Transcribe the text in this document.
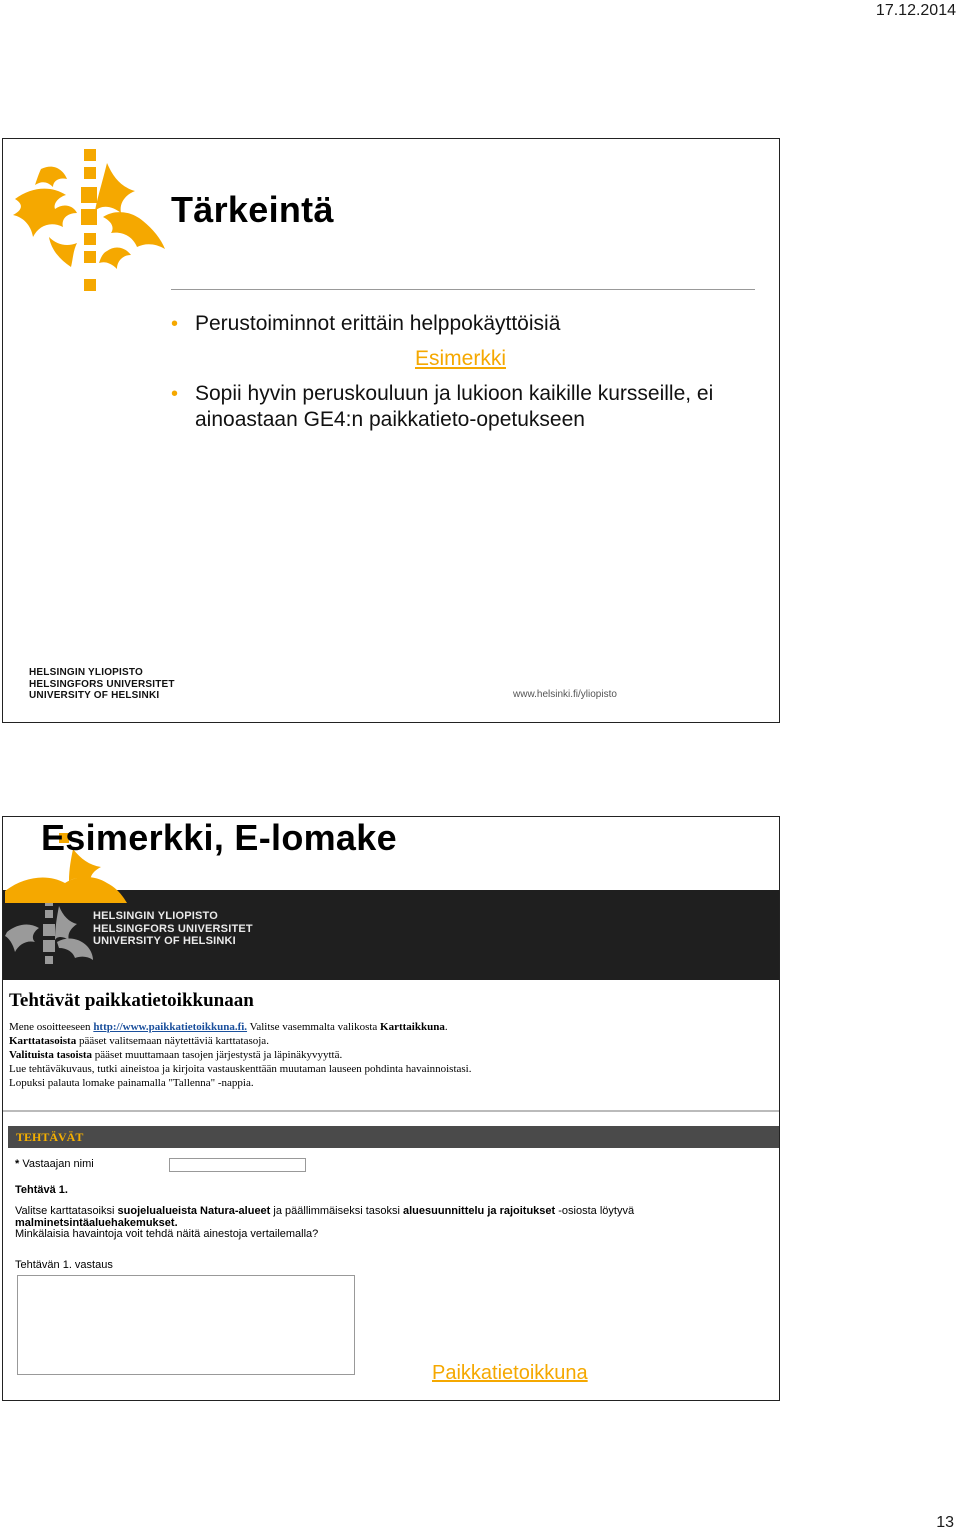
17.12.2014
Tärkeintä
• Perustoiminnot erittäin helppokäyttöisiä
Esimerkki
• Sopii hyvin peruskouluun ja lukioon kaikille kursseille, ei ainoastaan GE4:n paikkatieto-opetukseen
HELSINGIN YLIOPISTO
HELSINGFORS UNIVERSITET
UNIVERSITY OF HELSINKI	www.helsinki.fi/yliopisto
Esimerkki, E-lomake
HELSINGIN YLIOPISTO
HELSINGFORS UNIVERSITET
UNIVERSITY OF HELSINKI
Tehtävät paikkatietoikkunaan
Mene osoitteeseen http://www.paikkatietoikkuna.fi. Valitse vasemmalta valikosta Karttaikkuna.
Karttatasoista pääset valitsemaan näytettäviä karttatasoja.
Valituista tasoista pääset muuttamaan tasojen järjestystä ja läpinäkyvyyttä.
Lue tehtäväkuvaus, tutki aineistoa ja kirjoita vastauskenttään muutaman lauseen pohdinta havainnoistasi.
Lopuksi palauta lomake painamalla "Tallenna" -nappia.
TEHTÄVÄT
* Vastaajan nimi
Tehtävä 1.
Valitse karttatasoiksi suojelualueista Natura-alueet ja päällimmäiseksi tasoksi aluesuunnittelu ja rajoitukset -osiosta löytyvä malminetsintäaluehakemukset.
Minkälaisia havaintoja voit tehdä näitä ainestoja vertailemalla?
Tehtävän 1. vastaus
Paikkatietoikkuna
13
